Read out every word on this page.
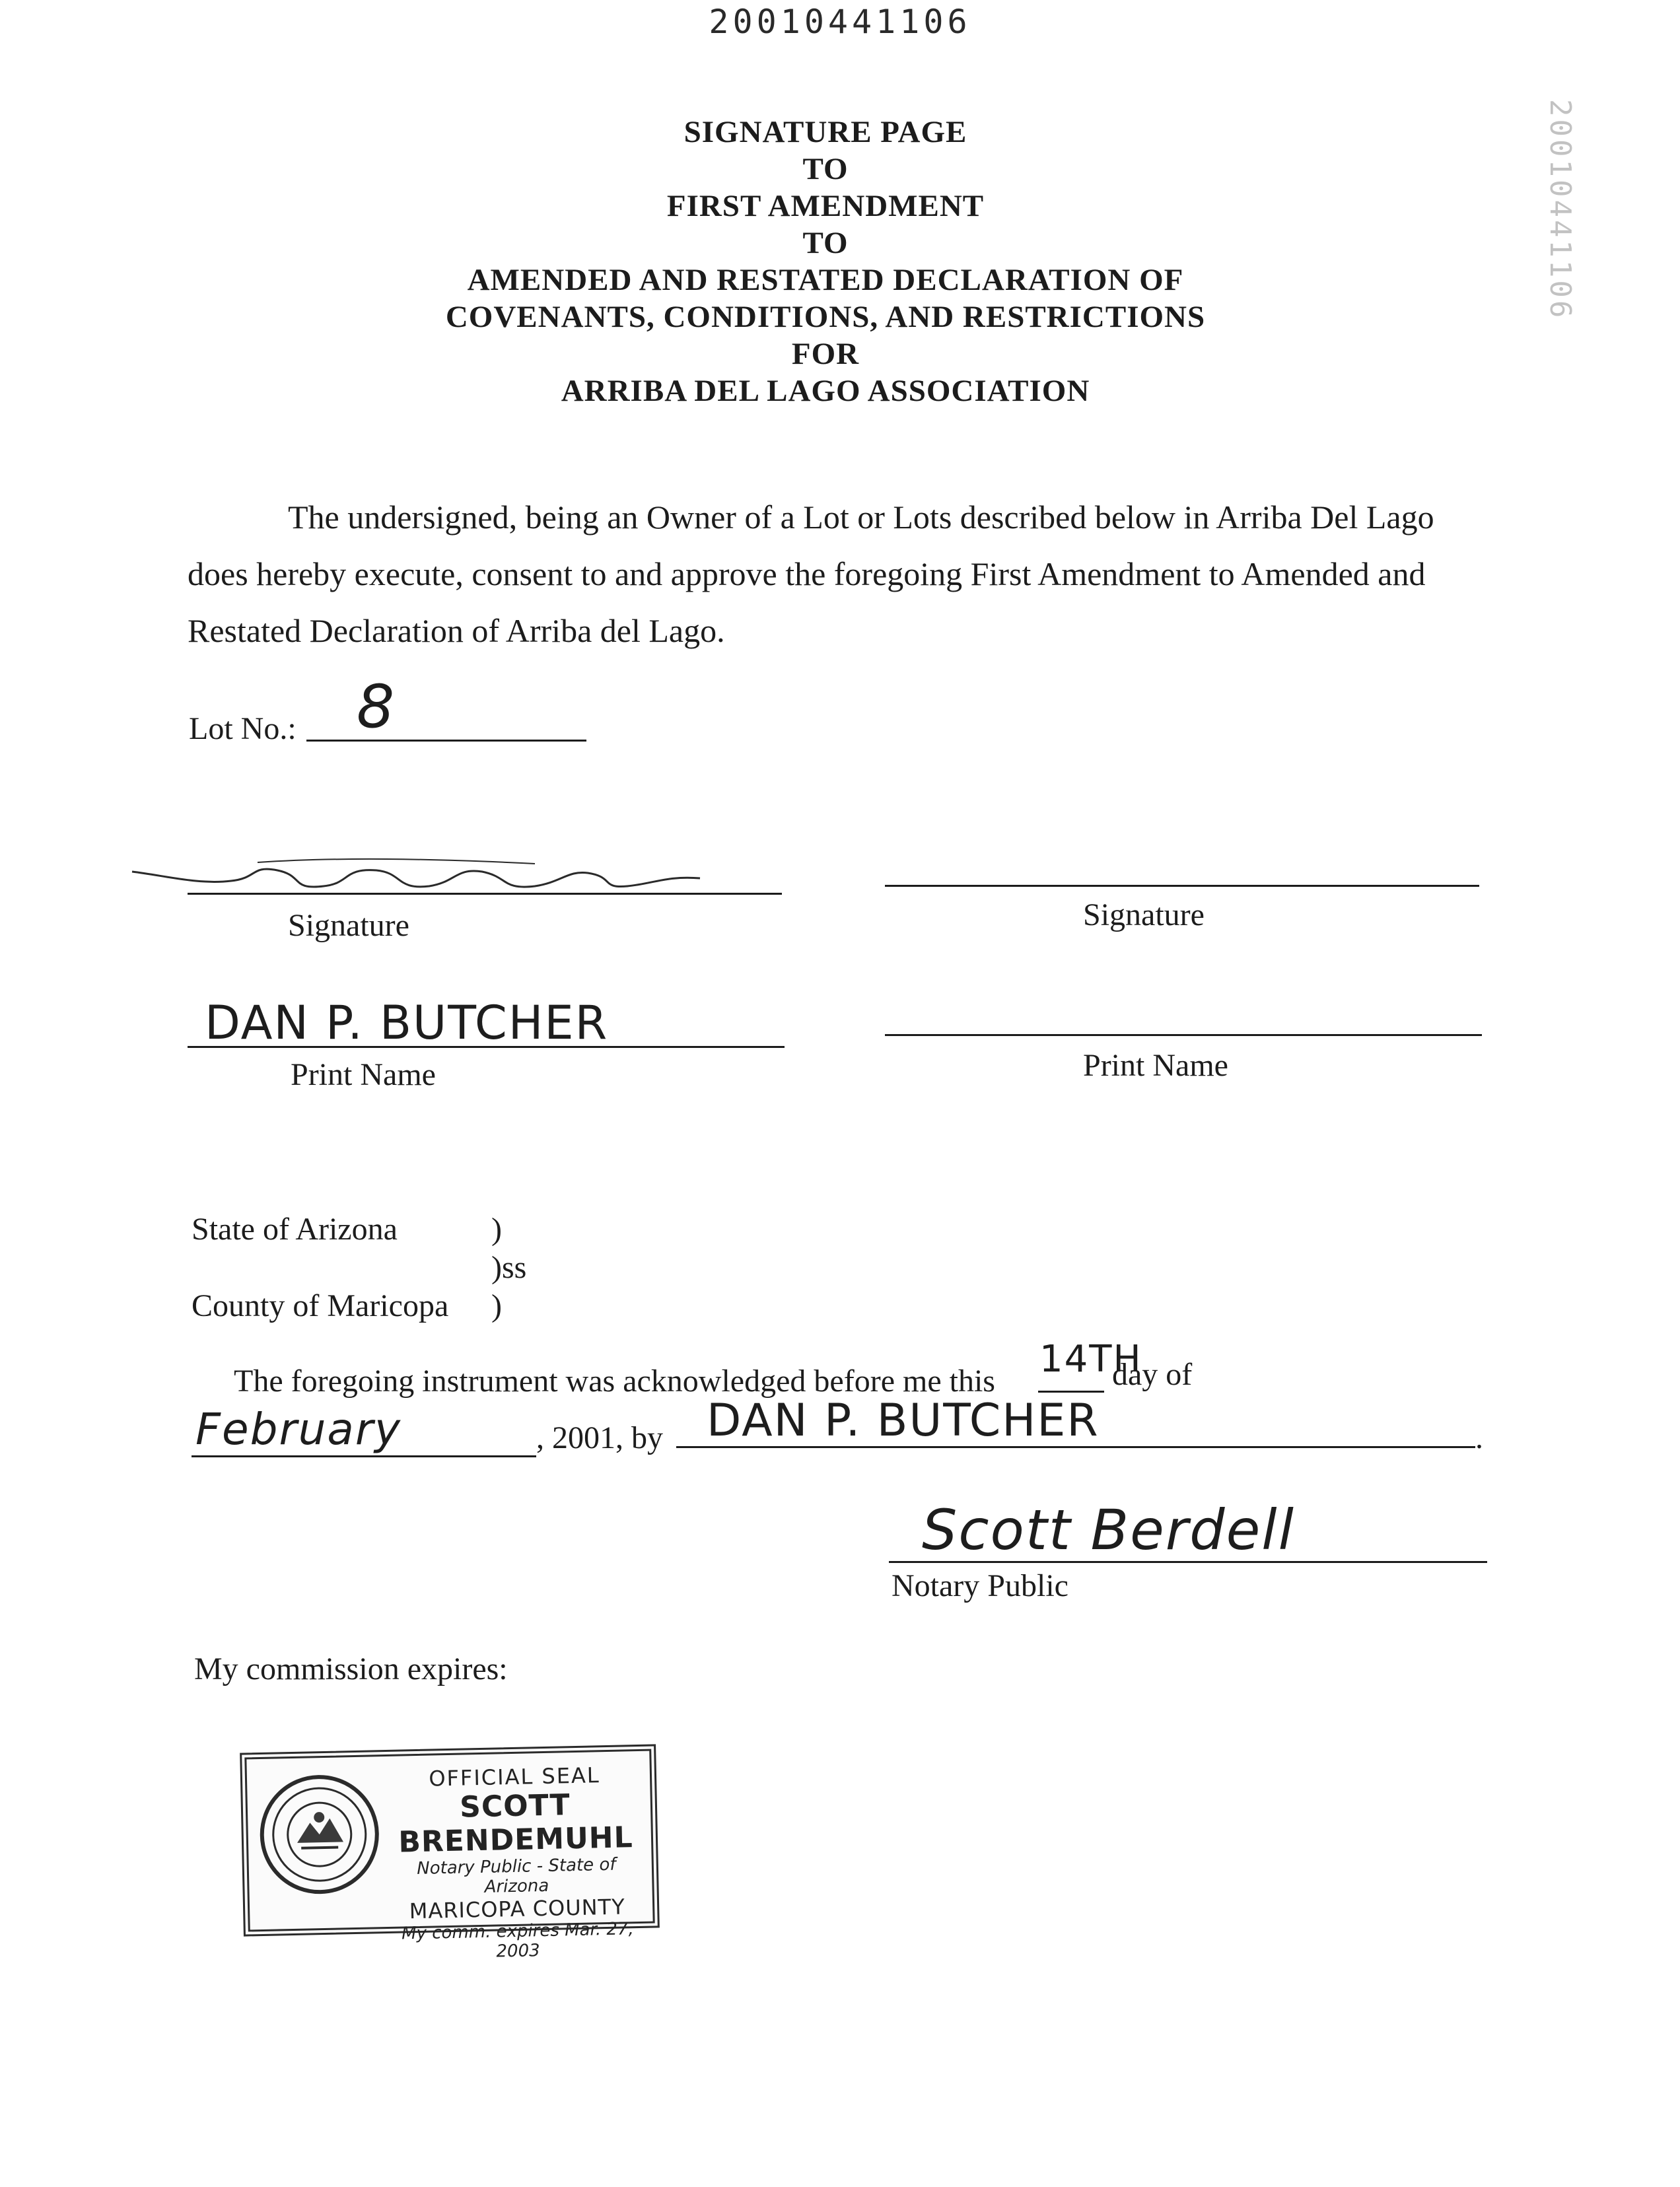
20010441106
20010441106
SIGNATURE PAGE
TO
FIRST AMENDMENT
TO
AMENDED AND RESTATED DECLARATION OF
COVENANTS, CONDITIONS, AND RESTRICTIONS
FOR
ARRIBA DEL LAGO ASSOCIATION

The undersigned, being an Owner of a Lot or Lots described below in Arriba Del Lago does hereby execute, consent to and approve the foregoing First Amendment to Amended and Restated Declaration of Arriba del Lago.

Lot No.: 8
Signature	Signature
DAN P. BUTCHER
Print Name	Print Name
State of Arizona	)
)ss
County of Maricopa )
The foregoing instrument was acknowledged before me this
14TH
day of
February	, 2001, by DAN P. BUTCHER	.
Scott Berdell
Notary Public
My commission expires:
OFFICIAL SEAL
SCOTT BRENDEMUHL
Notary Public - State of Arizona
MARICOPA COUNTY
My comm. expires Mar. 27, 2003
